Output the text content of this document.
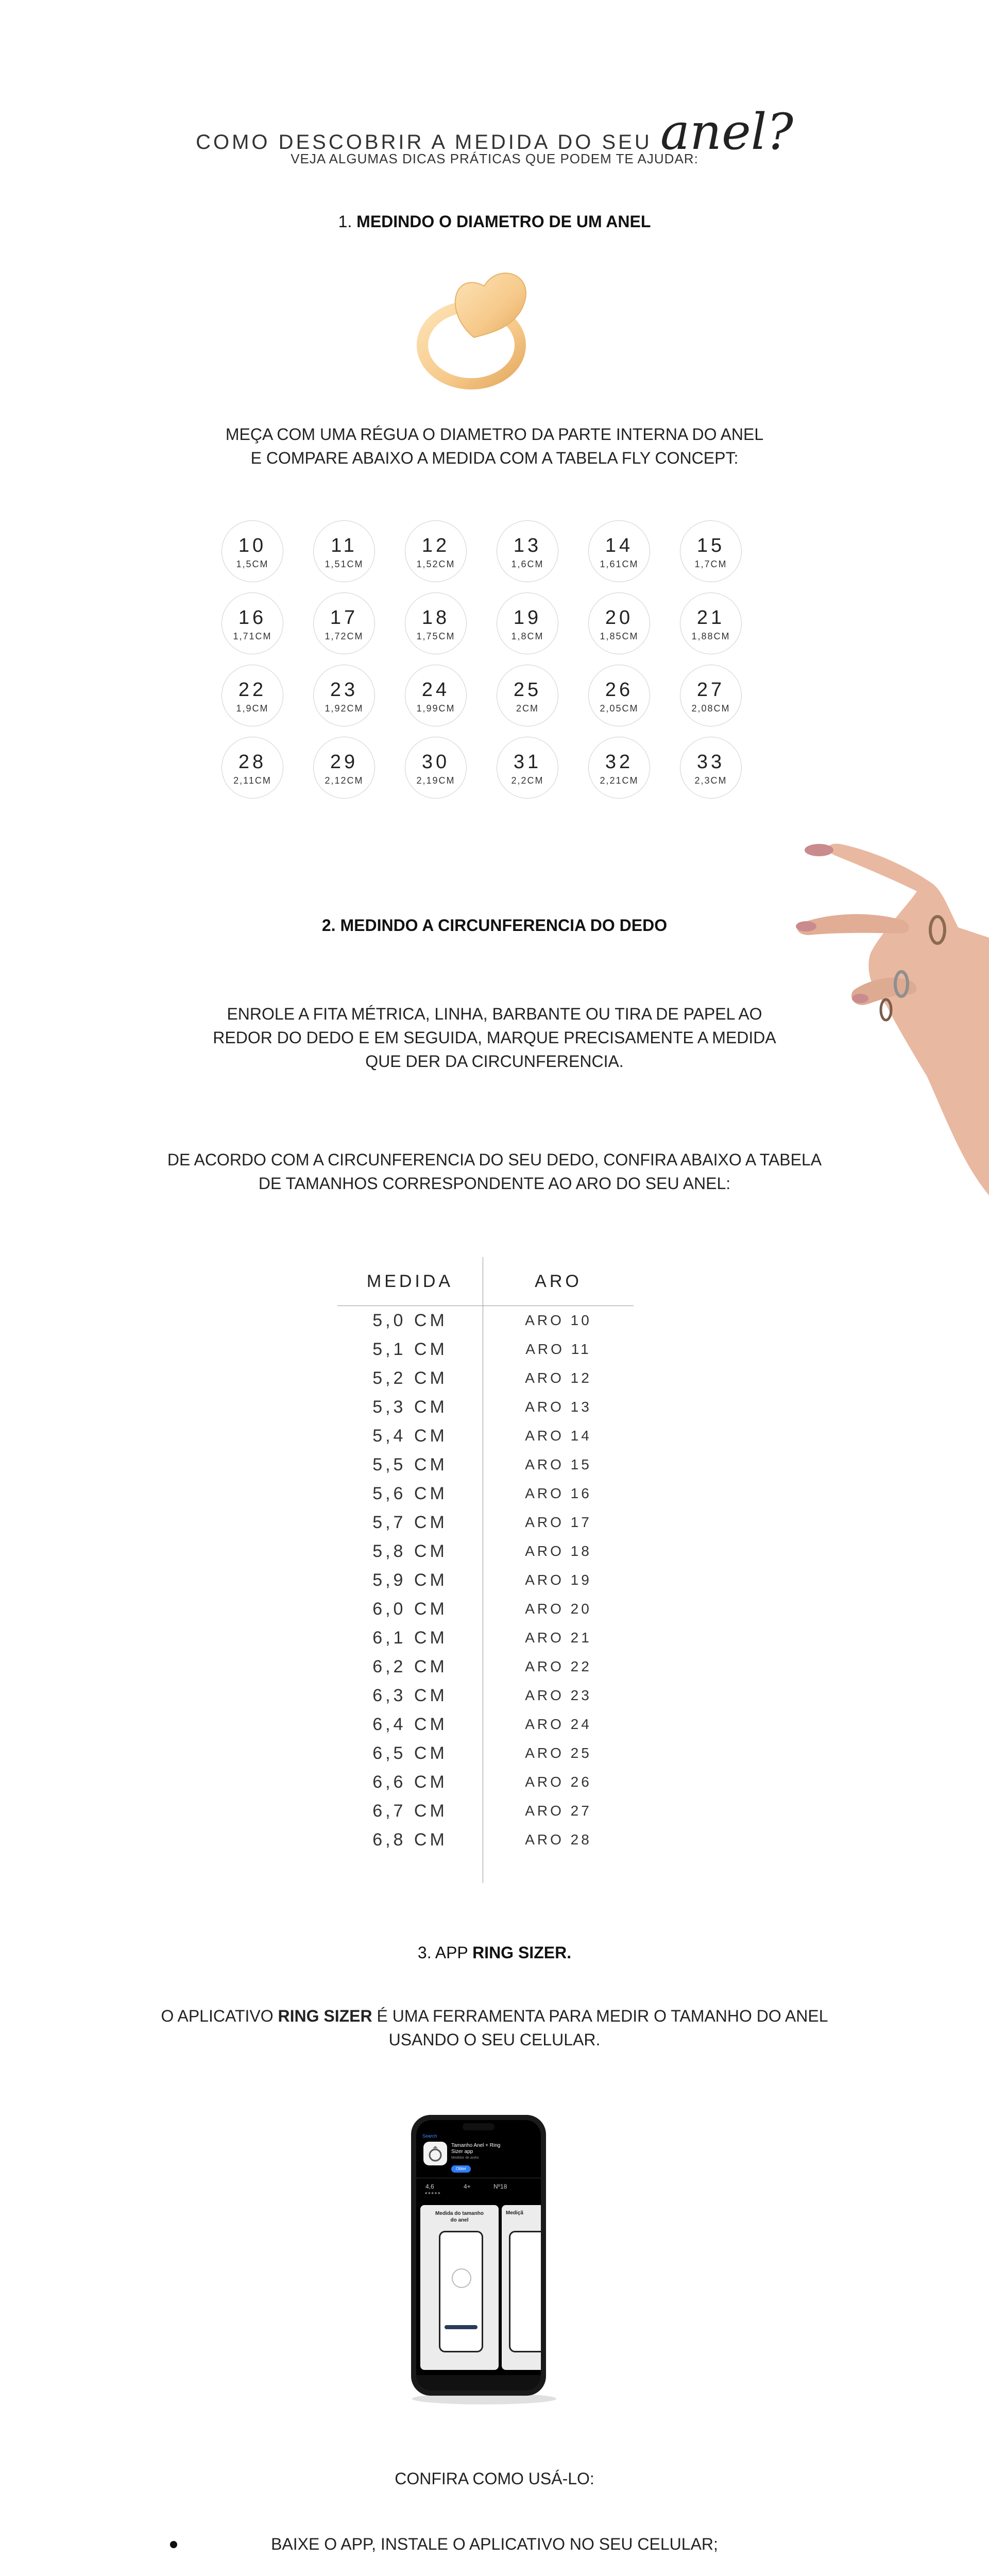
COMO DESCOBRIR A MEDIDA DO SEU anel?
VEJA ALGUMAS DICAS PRÁTICAS QUE PODEM TE AJUDAR:
1. MEDINDO O DIAMETRO DE UM ANEL
MEÇA COM UMA RÉGUA O DIAMETRO DA PARTE INTERNA DO ANEL
E COMPARE ABAIXO A MEDIDA COM A TABELA FLY CONCEPT:
10
1,5CM
11
1,51CM
12
1,52CM
13
1,6CM
14
1,61CM
15
1,7CM
16
1,71CM
17
1,72CM
18
1,75CM
19
1,8CM
20
1,85CM
21
1,88CM
22
1,9CM
23
1,92CM
24
1,99CM
25
2CM
26
2,05CM
27
2,08CM
28
2,11CM
29
2,12CM
30
2,19CM
31
2,2CM
32
2,21CM
33
2,3CM
2. MEDINDO A CIRCUNFERENCIA DO DEDO
ENROLE A FITA MÉTRICA, LINHA, BARBANTE OU TIRA DE PAPEL AO
REDOR DO DEDO E EM SEGUIDA, MARQUE PRECISAMENTE A MEDIDA
QUE DER DA CIRCUNFERENCIA.
DE ACORDO COM A CIRCUNFERENCIA DO SEU DEDO, CONFIRA ABAIXO A TABELA
DE TAMANHOS CORRESPONDENTE AO ARO DO SEU ANEL:
MEDIDA	ARO
5,0 CM	ARO 10
5,1 CM	ARO 11
5,2 CM	ARO 12
5,3 CM	ARO 13
5,4 CM	ARO 14
5,5 CM	ARO 15
5,6 CM	ARO 16
5,7 CM	ARO 17
5,8 CM	ARO 18
5,9 CM	ARO 19
6,0 CM	ARO 20
6,1 CM	ARO 21
6,2 CM	ARO 22
6,3 CM	ARO 23
6,4 CM	ARO 24
6,5 CM	ARO 25
6,6 CM	ARO 26
6,7 CM	ARO 27
6,8 CM	ARO 28

3. APP RING SIZER.
O APLICATIVO RING SIZER É UMA FERRAMENTA PARA MEDIR O TAMANHO DO ANEL
USANDO O SEU CELULAR.
Search
Tamanho Anel + Ring
Sizer app
Medidor de anéis
Obter
4,6
★★★★★
4+	Nº18
Medida do tamanho
do anel
Mediçã
CONFIRA COMO USÁ-LO:
BAIXE O APP, INSTALE O APLICATIVO NO SEU CELULAR;
